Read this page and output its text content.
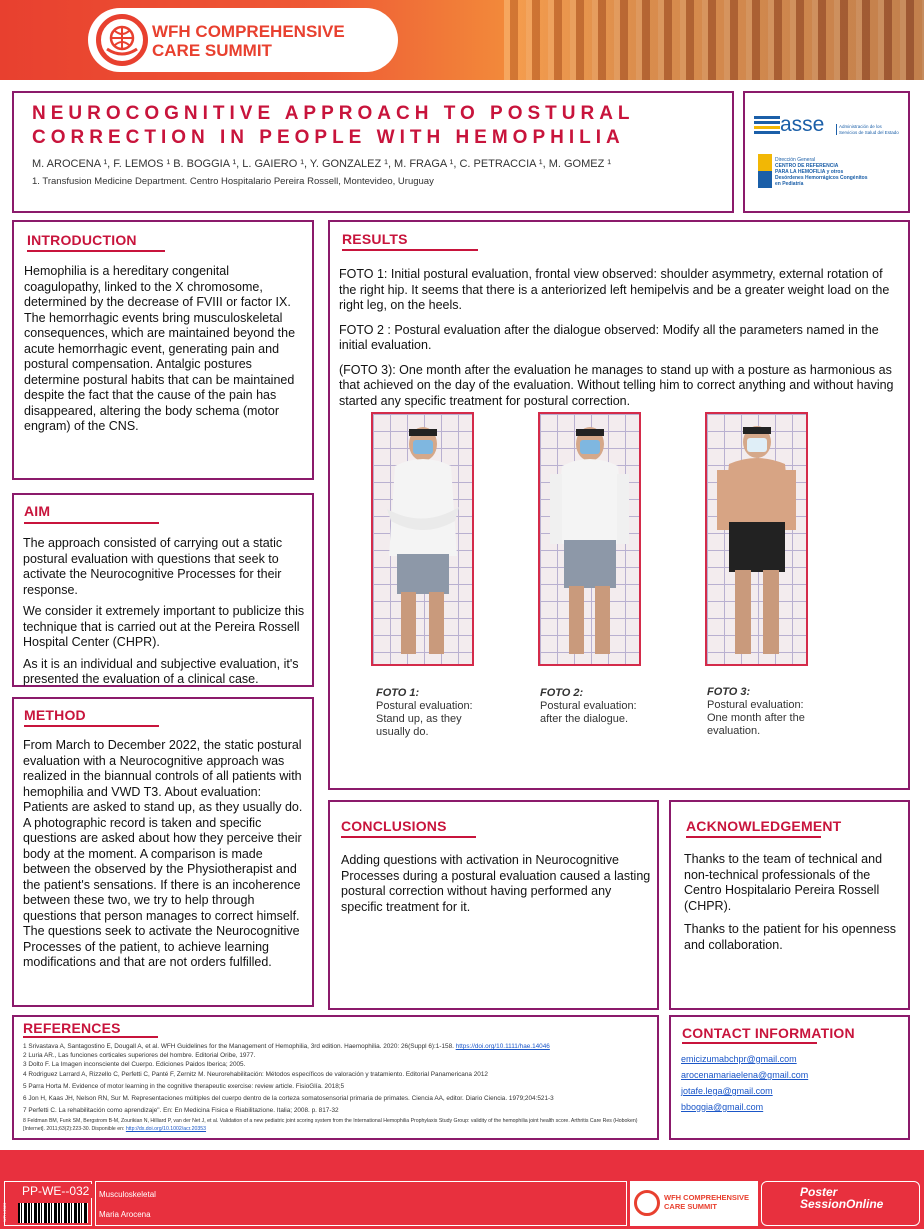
WFH COMPREHENSIVE
CARE SUMMIT
NEUROCOGNITIVE APPROACH TO POSTURAL
CORRECTION IN PEOPLE WITH HEMOPHILIA
M. AROCENA ¹, F. LEMOS ¹ B. BOGGIA ¹, L. GAIERO ¹, Y. GONZALEZ ¹, M. FRAGA ¹, C. PETRACCIA ¹, M. GOMEZ ¹
1. Transfusion Medicine Department. Centro Hospitalario Pereira Rossell, Montevideo, Uruguay
asse	Administración de los
Servicios de Salud del Estado
Dirección General
CENTRO DE REFERENCIA
PARA LA HEMOFILIA y otros
Desórdenes Hemorrágicos Congénitos
en Pediatría
INTRODUCTION
Hemophilia is a hereditary congenital coagulopathy, linked to the X chromosome, determined by the decrease of FVIII or factor IX. The hemorrhagic events bring musculoskeletal consequences, which are maintained beyond the acute hemorrhagic event, generating pain and postural compensation. Antalgic postures determine postural habits that can be maintained despite the fact that the cause of the pain has disappeared, altering the body schema (motor engram) of the CNS.
AIM

The approach consisted of carrying out a static postural evaluation with questions that seek to activate the Neurocognitive Processes for their response.

We consider it extremely important to publicize this technique that is carried out at the Pereira Rossell Hospital Center (CHPR).

As it is an individual and subjective evaluation, it's presented the evaluation of a clinical case.

METHOD
From March to December 2022, the static postural evaluation with a Neurocognitive approach was realized in the biannual controls of all patients with hemophilia and VWD T3. About evaluation: Patients are asked to stand up, as they usually do. A photographic record is taken and specific questions are asked about how they perceive their body at the moment. A comparison is made between the observed by the Physiotherapist and the patient's sensations. If there is an incoherence between these two, we try to help through questions that person manages to correct himself. The questions seek to activate the Neurocognitive Processes of the patient, to achieve learning modifications and that are not orders fulfilled.
RESULTS

FOTO 1: Initial postural evaluation, frontal view observed: shoulder asymmetry, external rotation of the right hip. It seems that there is a anteriorized left hemipelvis and be a greater weight load on the right leg, on the heels.

FOTO 2 : Postural evaluation after the dialogue observed: Modify all the parameters named in the initial evaluation.

(FOTO 3): One month after the evaluation he manages to stand up with a posture as harmonious as that achieved on the day of the evaluation. Without telling him to correct anything and without having started any specific treatment for postural correction.

FOTO 1:
Postural evaluation:
Stand up, as they
usually do.
FOTO 2:
Postural evaluation:
after the dialogue.
FOTO 3:
Postural evaluation:
One month after the
evaluation.
CONCLUSIONS
Adding questions with activation in Neurocognitive Processes during a postural evaluation caused a lasting postural correction without having performed any specific treatment for it.
ACKNOWLEDGEMENT

Thanks to the team of technical and non-technical professionals of the Centro Hospitalario Pereira Rossell (CHPR).

Thanks to the patient for his openness and collaboration.

REFERENCES
1 Srivastava A, Santagostino E, Dougall A, et al. WFH Guidelines for the Management of Hemophilia, 3rd edition. Haemophilia. 2020: 26(Suppl 6):1-158. https://doi.org/10.1111/hae.14046
2 Luria AR., Las funciones corticales superiores del hombre. Editorial Oribe, 1977.
3 Dolto F. La Imagen inconsciente del Cuerpo. Ediciones Paidos Iberica; 2005.
4 Rodriguez Larrard A, Rizzello C, Perfetti C, Panté F, Zernitz M. Neurorehabilitación: Métodos específicos de valoración y tratamiento. Editorial Panamericana 2012
5 Parra Horta M. Evidence of motor learning in the cognitive therapeutic exercise: review article. FisioGlía. 2018;5
6 Jon H, Kaas JH, Nelson RN, Sur M. Representaciones múltiples del cuerpo dentro de la corteza somatosensorial primaria de primates. Ciencia AA, editor. Diario Ciencia. 1979;204:521-3
7 Perfetti C. La rehabilitación como aprendizaje". En: En Medicina Fisica e Riabilitazione. Italia; 2008. p. 817-32
8 Feldman BM, Funk SM, Bergstrom B-M, Zourikian N, Hilliard P, van der Net J, et al. Validation of a new pediatric joint scoring system from the International Hemophilia Prophylaxis Study Group: validity of the hemophilia joint health score. Arthritis Care Res (Hoboken) [Internet]. 2011;63(2):223-30. Disponible en: http://dx.doi.org/10.1002/acr.20353
CONTACT INFORMATION
emicizumabchpr@gmail.com
arocenamariaelena@gmail.com
jotafe.lega@gmail.com
bboggia@gmail.com
PP-WE--032
WFH-2023
Musculoskeletal
Maria Arocena
WFH COMPREHENSIVE
CARE SUMMIT
Poster
SessionOnline
